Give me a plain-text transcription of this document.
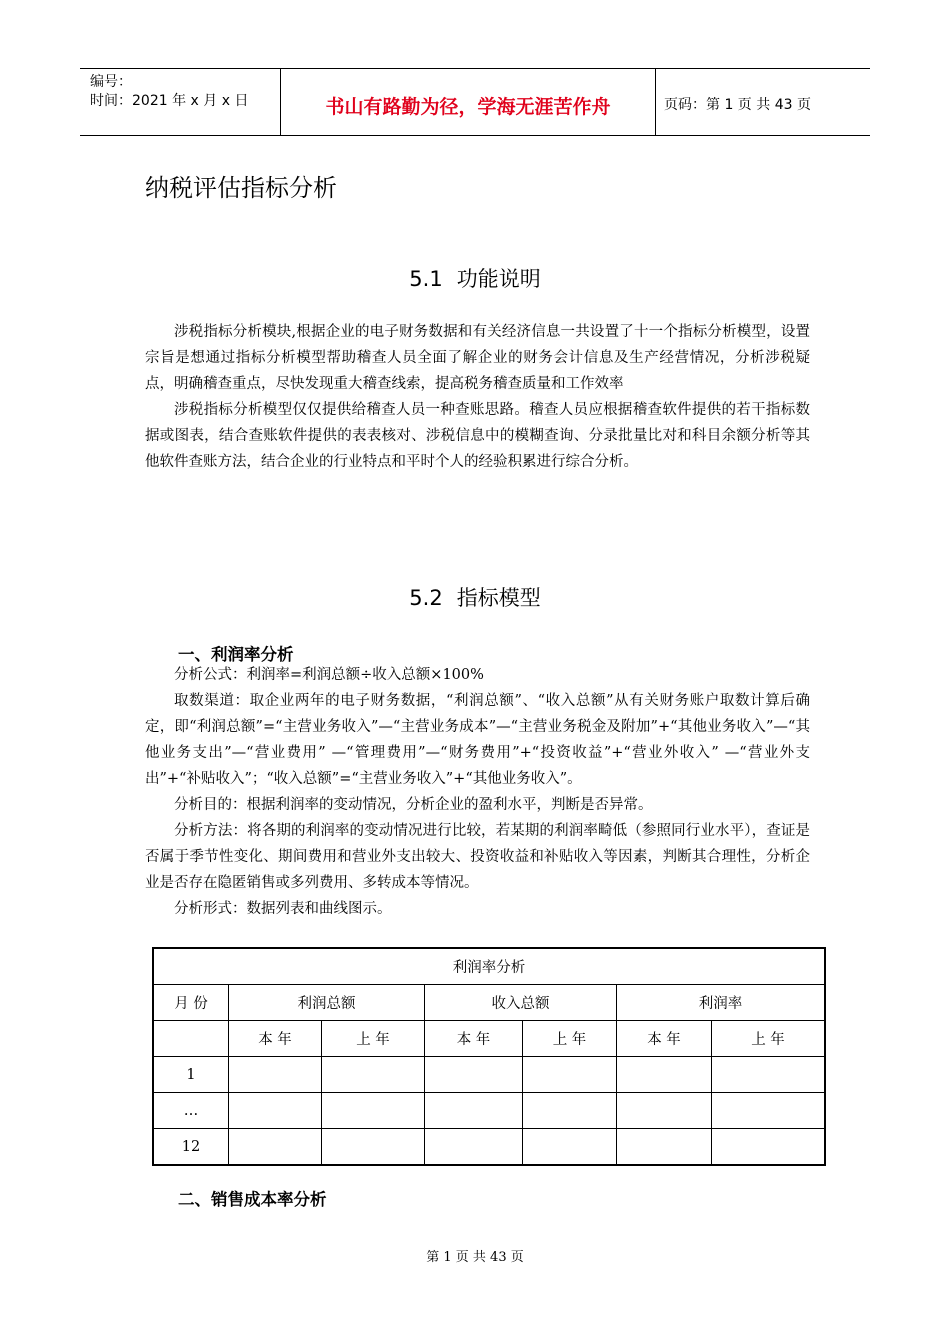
编号：
时间：2021 年 x 月 x 日	书山有路勤为径，学海无涯苦作舟	页码：第 1 页 共 43 页
纳税评估指标分析
5.1 功能说明

涉税指标分析模块,根据企业的电子财务数据和有关经济信息一共设置了十一个指标分析模型，设置宗旨是想通过指标分析模型帮助稽查人员全面了解企业的财务会计信息及生产经营情况，分析涉税疑点，明确稽查重点，尽快发现重大稽查线索，提高税务稽查质量和工作效率

涉税指标分析模型仅仅提供给稽查人员一种查账思路。稽查人员应根据稽查软件提供的若干指标数据或图表，结合查账软件提供的表表核对、涉税信息中的模糊查询、分录批量比对和科目余额分析等其他软件查账方法，结合企业的行业特点和平时个人的经验积累进行综合分析。

5.2 指标模型
一、利润率分析

分析公式：利润率=利润总额÷收入总额×100%

取数渠道：取企业两年的电子财务数据，“利润总额”、“收入总额”从有关财务账户取数计算后确定，即“利润总额”=“主营业务收入”—“主营业务成本”—“主营业务税金及附加”+“其他业务收入”—“其他业务支出”—“营业费用” —“管理费用”—“财务费用”+“投资收益”+“营业外收入” —“营业外支出”+“补贴收入”；“收入总额”=“主营业务收入”+“其他业务收入”。

分析目的：根据利润率的变动情况，分析企业的盈利水平，判断是否异常。

分析方法：将各期的利润率的变动情况进行比较，若某期的利润率畸低（参照同行业水平），查证是否属于季节性变化、期间费用和营业外支出较大、投资收益和补贴收入等因素，判断其合理性，分析企业是否存在隐匿销售或多列费用、多转成本等情况。

分析形式：数据列表和曲线图示。

利润率分析						
月 份	利润总额		收入总额		利润率	
	本 年	上 年	本 年	上 年	本 年	上 年
1						
…						
12						
二、销售成本率分析
第 1 页 共 43 页
